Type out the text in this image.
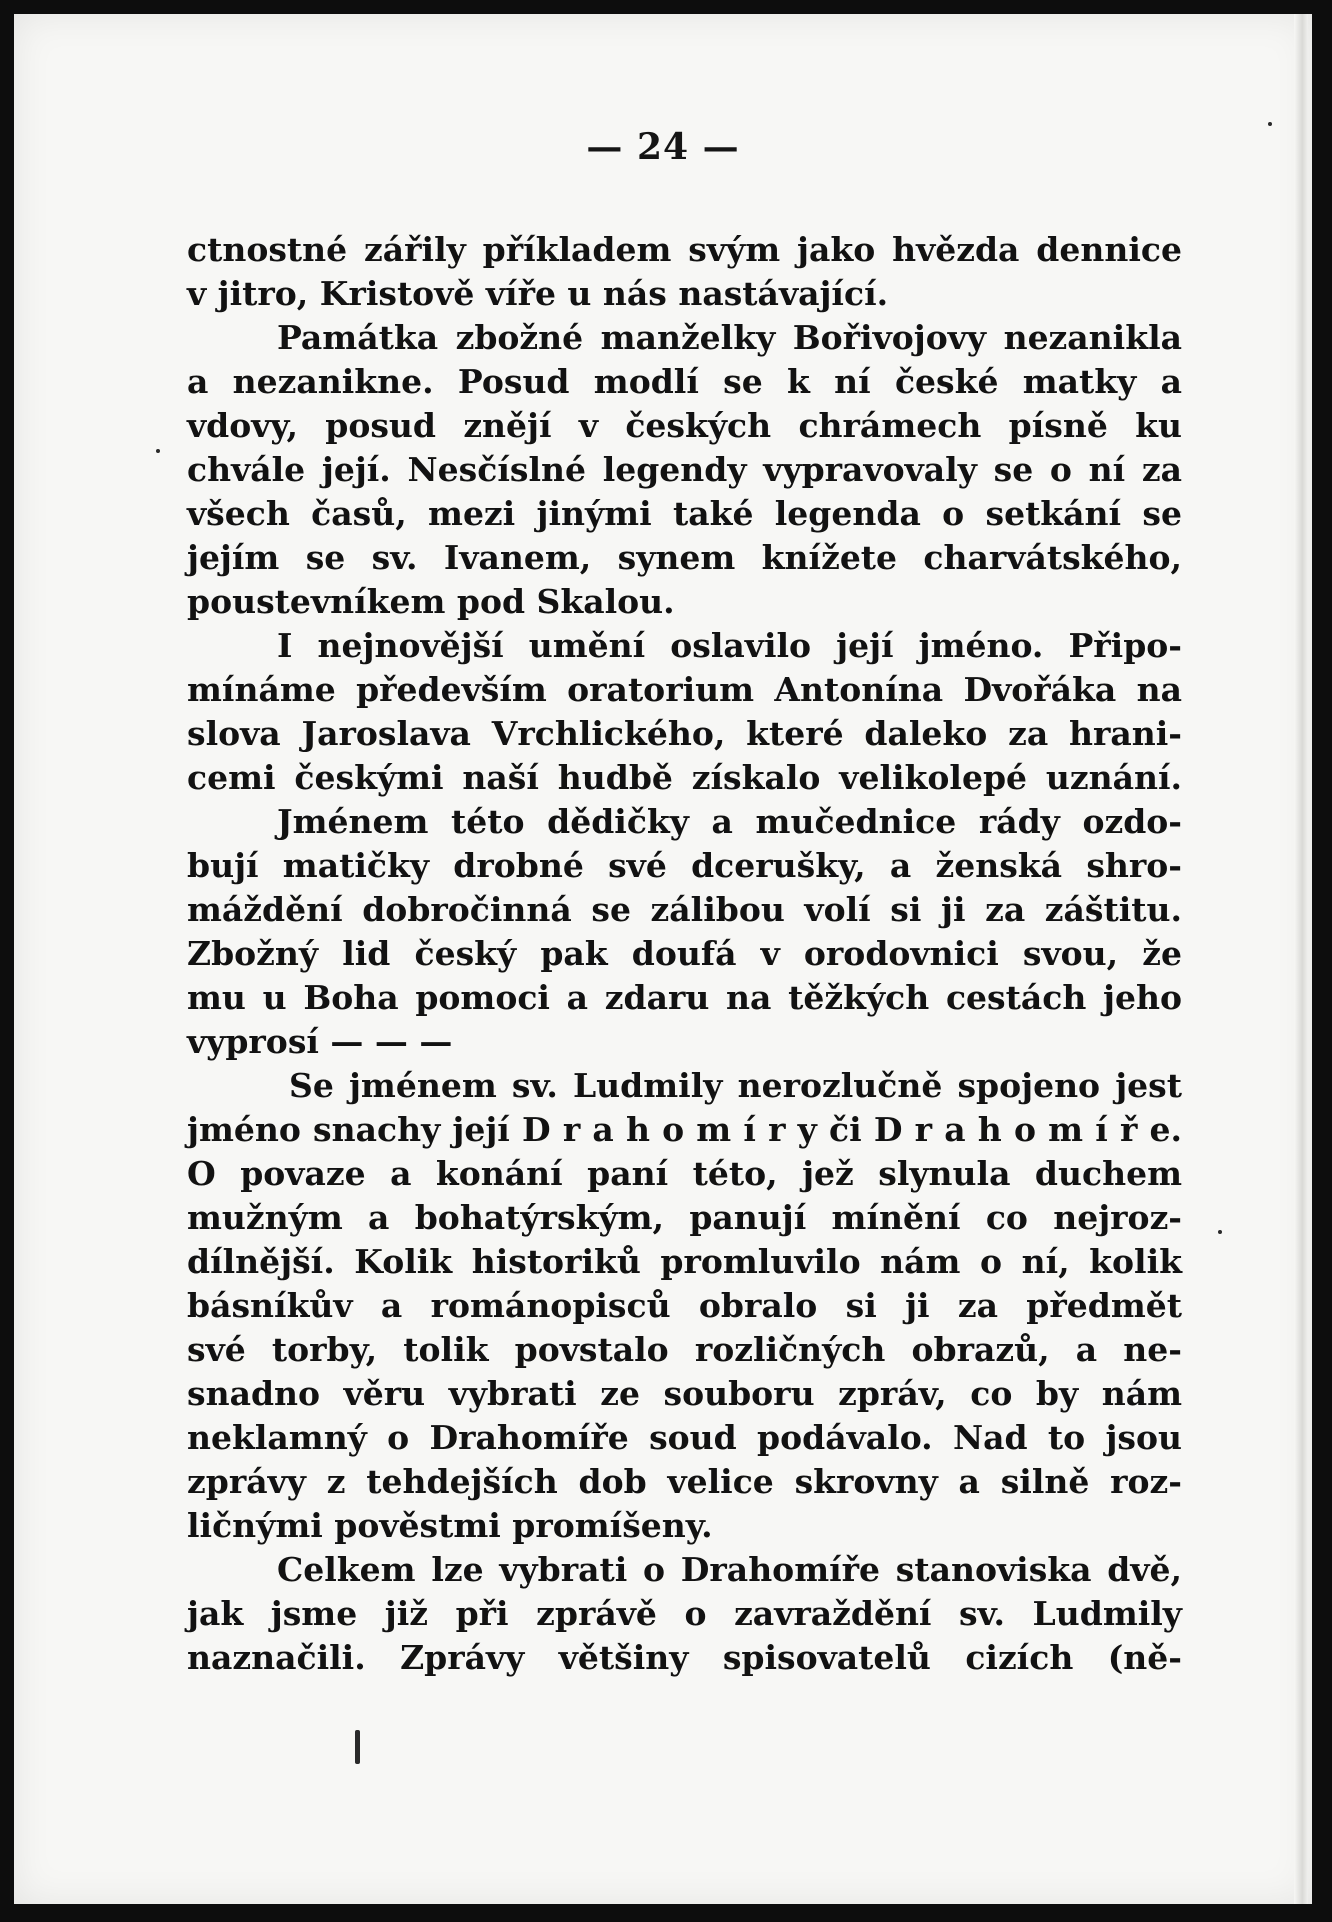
— 24 —
ctnostné zářily příkladem svým jako hvězda dennice
v jitro, Kristově víře u nás nastávající.
Památka zbožné manželky Bořivojovy nezanikla
a nezanikne. Posud modlí se k ní české matky a
vdovy, posud znějí v českých chrámech písně ku
chvále její. Nesčíslné legendy vypravovaly se o ní za
všech časů, mezi jinými také legenda o setkání se
jejím se sv. Ivanem, synem knížete charvátského,
poustevníkem pod Skalou.
I nejnovější umění oslavilo její jméno. Připo-
mínáme především oratorium Antonína Dvořáka na
slova Jaroslava Vrchlického, které daleko za hrani-
cemi českými naší hudbě získalo velikolepé uznání.
Jménem této dědičky a mučednice rády ozdo-
bují matičky drobné své dcerušky, a ženská shro-
máždění dobročinná se zálibou volí si ji za záštitu.
Zbožný lid český pak doufá v orodovnici svou, že
mu u Boha pomoci a zdaru na těžkých cestách jeho
vyprosí — — —
Se jménem sv. Ludmily nerozlučně spojeno jest
jméno snachy její D r a h o m í r y či D r a h o m í ř e.
O povaze a konání paní této, jež slynula duchem
mužným a bohatýrským, panují mínění co nejroz-
dílnější. Kolik historiků promluvilo nám o ní, kolik
básníkův a románopisců obralo si ji za předmět
své torby, tolik povstalo rozličných obrazů, a ne-
snadno věru vybrati ze souboru zpráv, co by nám
neklamný o Drahomíře soud podávalo. Nad to jsou
zprávy z tehdejších dob velice skrovny a silně roz-
ličnými pověstmi promíšeny.
Celkem lze vybrati o Drahomíře stanoviska dvě,
jak jsme již při zprávě o zavraždění sv. Ludmily
naznačili. Zprávy většiny spisovatelů cizích (ně-
